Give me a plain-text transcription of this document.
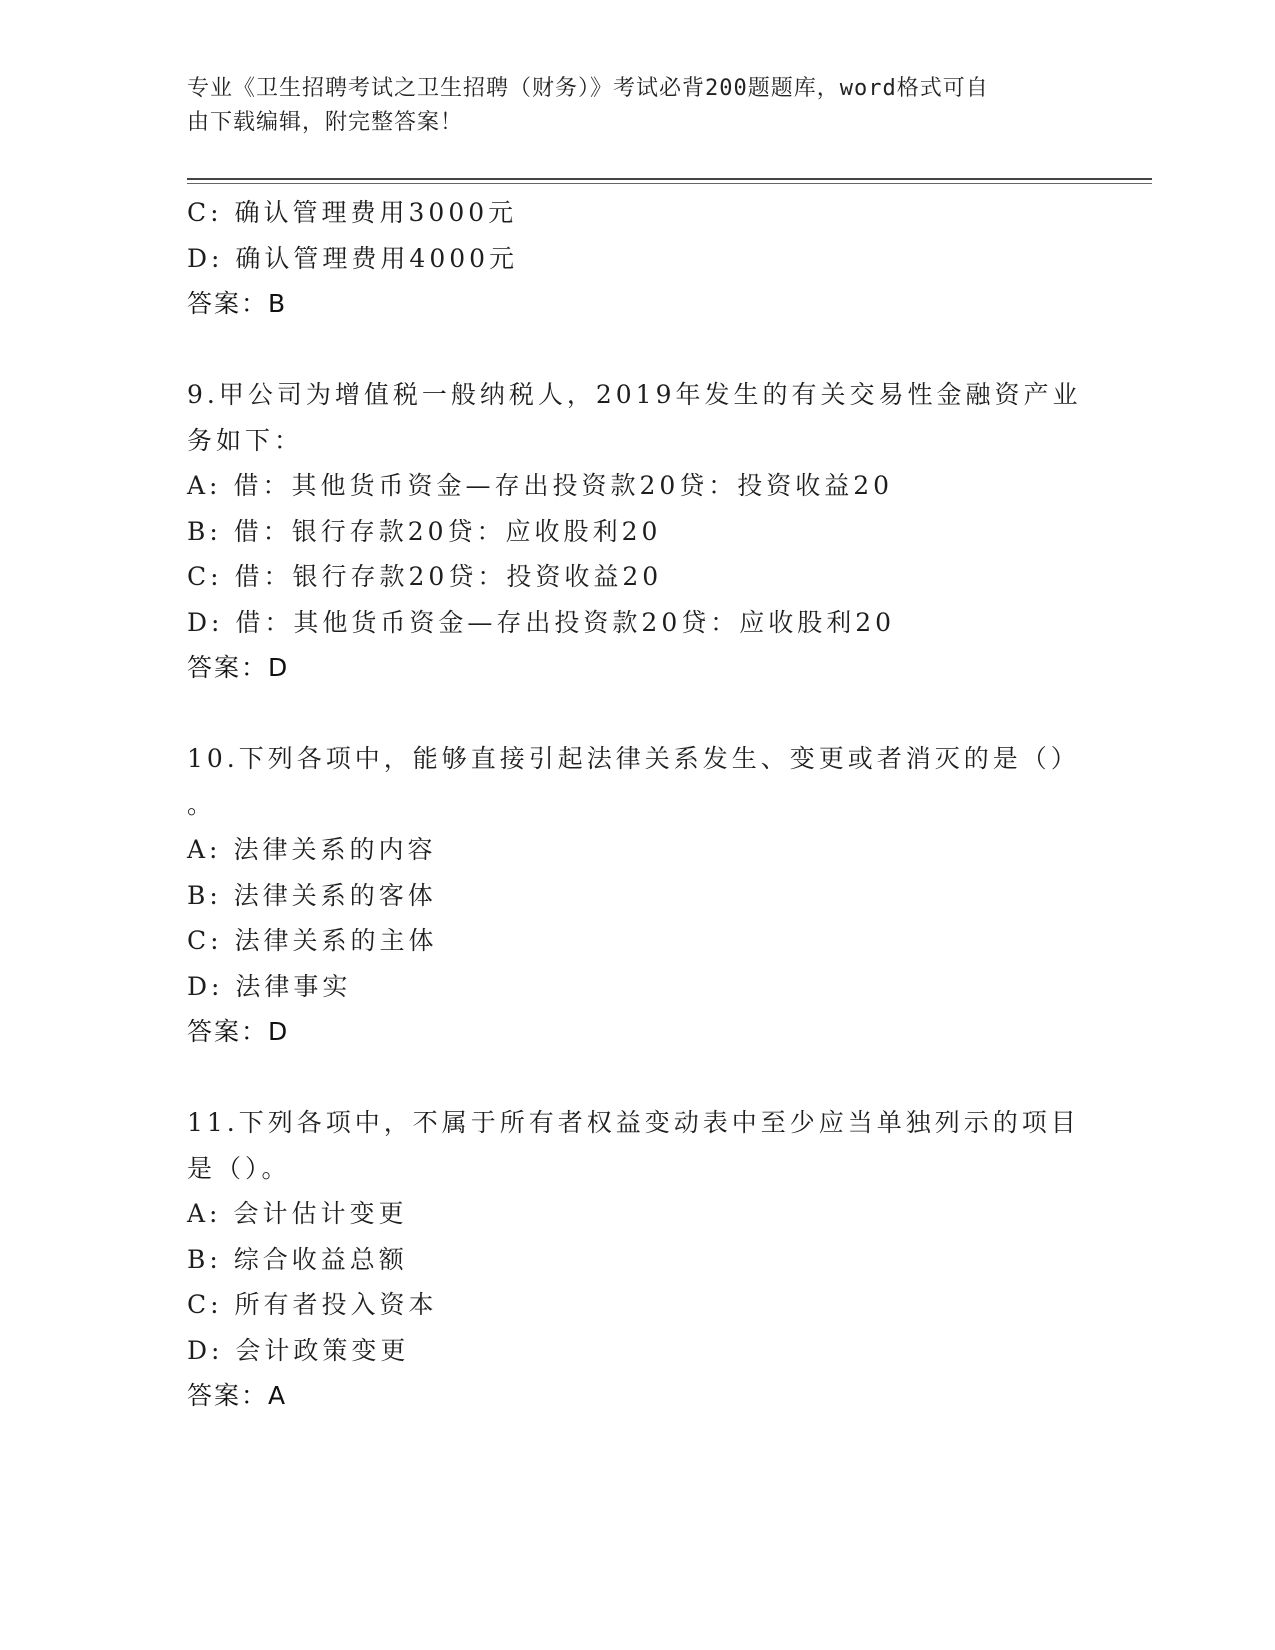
专业《卫生招聘考试之卫生招聘（财务）》考试必背200题题库，word格式可自
由下载编辑，附完整答案！
C: 确认管理费用3000元
D: 确认管理费用4000元
答案：B
9.甲公司为增值税一般纳税人，2019年发生的有关交易性金融资产业
务如下：
A: 借：其他货币资金—存出投资款20贷：投资收益20
B: 借：银行存款20贷：应收股利20
C: 借：银行存款20贷：投资收益20
D: 借：其他货币资金—存出投资款20贷：应收股利20
答案：D
10.下列各项中，能够直接引起法律关系发生、变更或者消灭的是（）
。
A: 法律关系的内容
B: 法律关系的客体
C: 法律关系的主体
D: 法律事实
答案：D
11.下列各项中，不属于所有者权益变动表中至少应当单独列示的项目
是（）。
A: 会计估计变更
B: 综合收益总额
C: 所有者投入资本
D: 会计政策变更
答案：A
